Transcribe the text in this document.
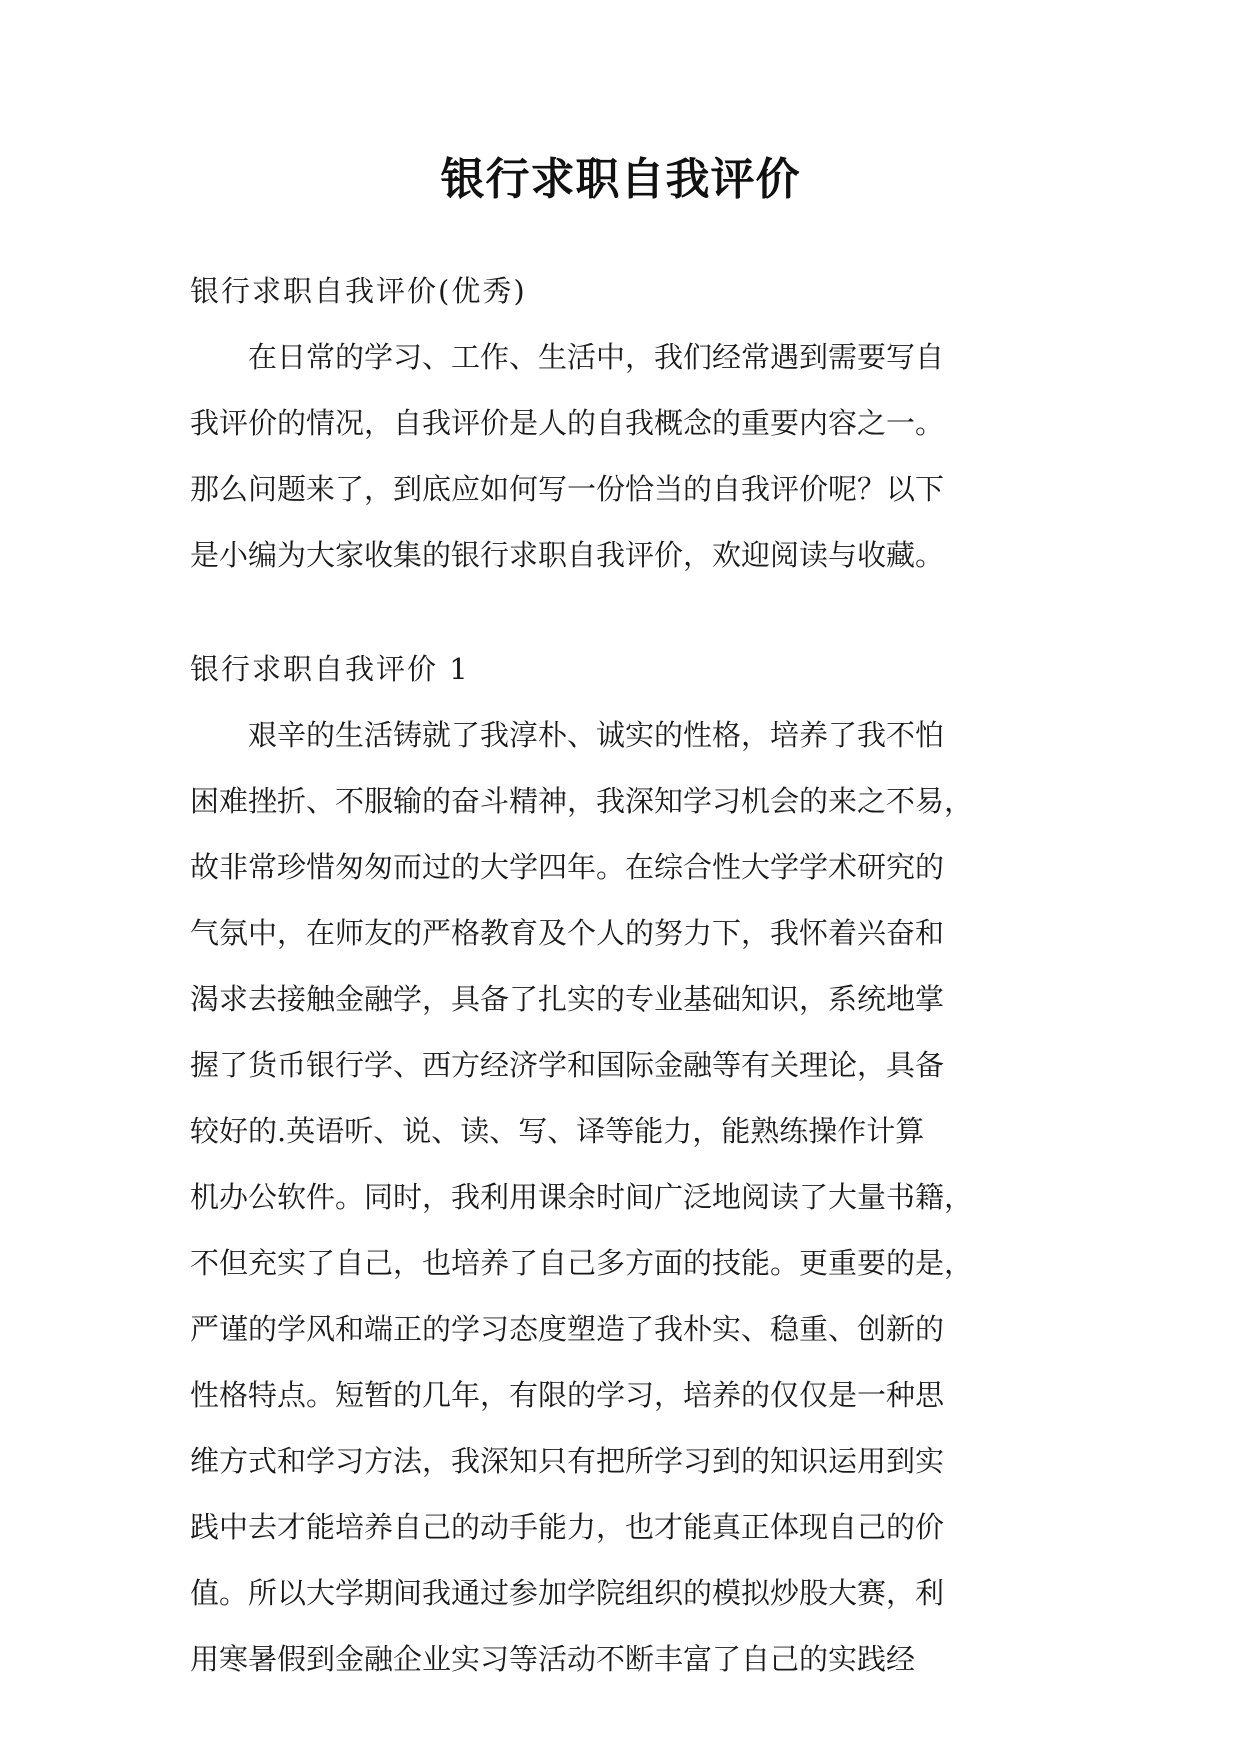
银行求职自我评价
银行求职自我评价(优秀)
　　在日常的学习、工作、生活中，我们经常遇到需要写自
我评价的情况，自我评价是人的自我概念的重要内容之一。
那么问题来了，到底应如何写一份恰当的自我评价呢？以下
是小编为大家收集的银行求职自我评价，欢迎阅读与收藏。
银行求职自我评价 1
　　艰辛的生活铸就了我淳朴、诚实的性格，培养了我不怕
困难挫折、不服输的奋斗精神，我深知学习机会的来之不易，
故非常珍惜匆匆而过的大学四年。在综合性大学学术研究的
气氛中，在师友的严格教育及个人的努力下，我怀着兴奋和
渴求去接触金融学，具备了扎实的专业基础知识，系统地掌
握了货币银行学、西方经济学和国际金融等有关理论，具备
较好的.英语听、说、读、写、译等能力，能熟练操作计算
机办公软件。同时，我利用课余时间广泛地阅读了大量书籍，
不但充实了自己，也培养了自己多方面的技能。更重要的是，
严谨的学风和端正的学习态度塑造了我朴实、稳重、创新的
性格特点。短暂的几年，有限的学习，培养的仅仅是一种思
维方式和学习方法，我深知只有把所学习到的知识运用到实
践中去才能培养自己的动手能力，也才能真正体现自己的价
值。所以大学期间我通过参加学院组织的模拟炒股大赛，利
用寒暑假到金融企业实习等活动不断丰富了自己的实践经
